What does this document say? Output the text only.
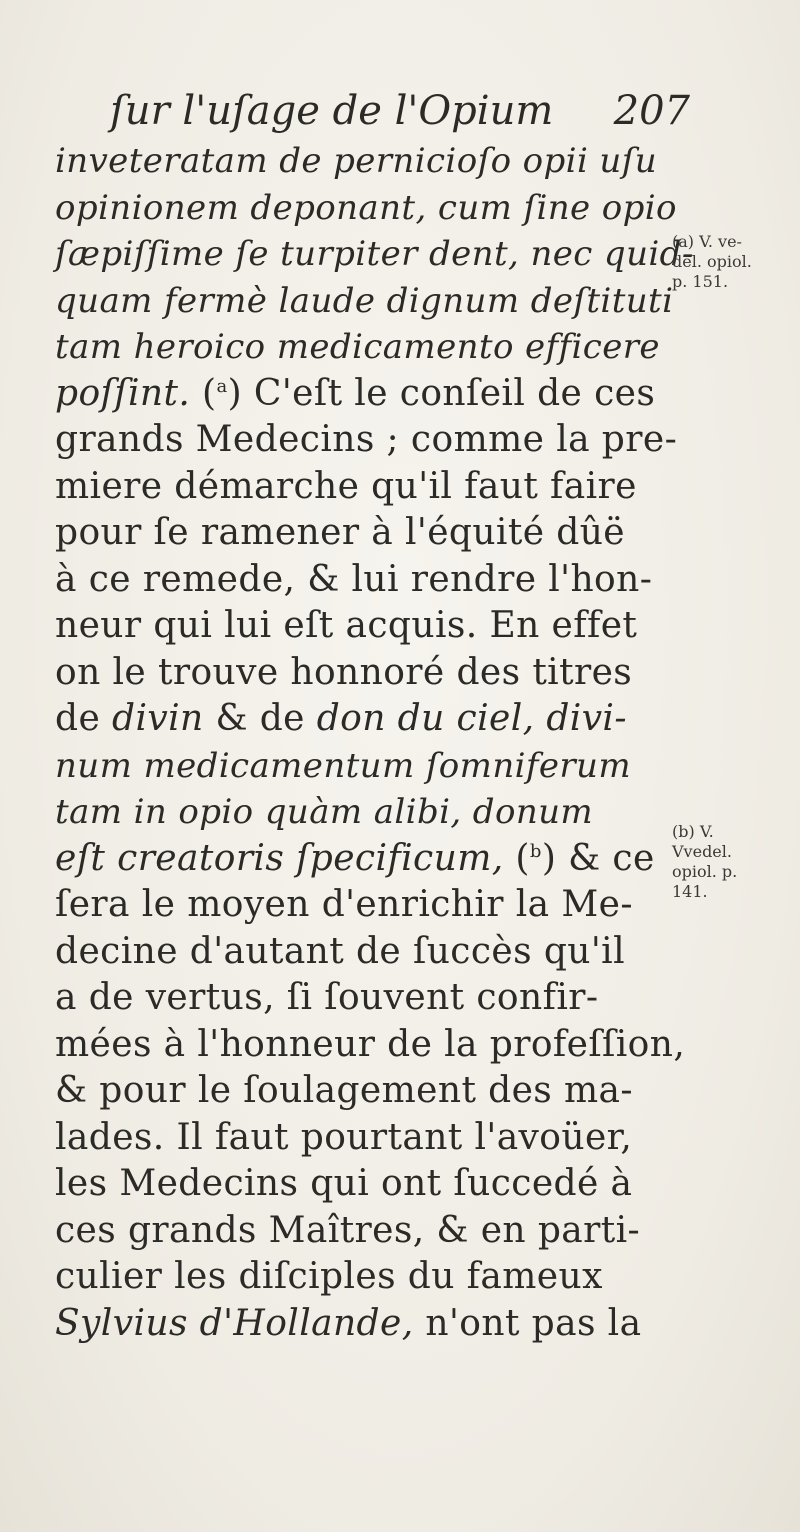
ſur l'uſage de l'Opium 207
inveteratam de pernicioſo opii uſu
opinionem deponant, cum ſine opio
ſæpiſſime ſe turpiter dent, nec quid-
quam fermè laude dignum deſtituti
tam heroico medicamento efficere
poſſint. ($^a$) C'eſt le conſeil de ces
grands Medecins ; comme la pre-
miere démarche qu'il faut faire
pour ſe ramener à l'équité dûë
à ce remede, & lui rendre l'hon-
neur qui lui eſt acquis. En effet
on le trouve honnoré des titres
de divin & de don du ciel, divi-
num medicamentum ſomniferum
tam in opio quàm alibi, donum
eſt creatoris ſpecificum, ($^b$) & ce
ſera le moyen d'enrichir la Me-
decine d'autant de ſuccès qu'il
a de vertus, ſi ſouvent confir-
mées à l'honneur de la profeſſion,
& pour le ſoulagement des ma-
lades. Il faut pourtant l'avoüer,
les Medecins qui ont ſuccedé à
ces grands Maîtres, & en parti-
culier les diſciples du fameux
Sylvius d'Hollande, n'ont pas la
(a) V. ve-
del. opiol.
p. 151.
(b) V.
Vvedel.
opiol. p.
141.
